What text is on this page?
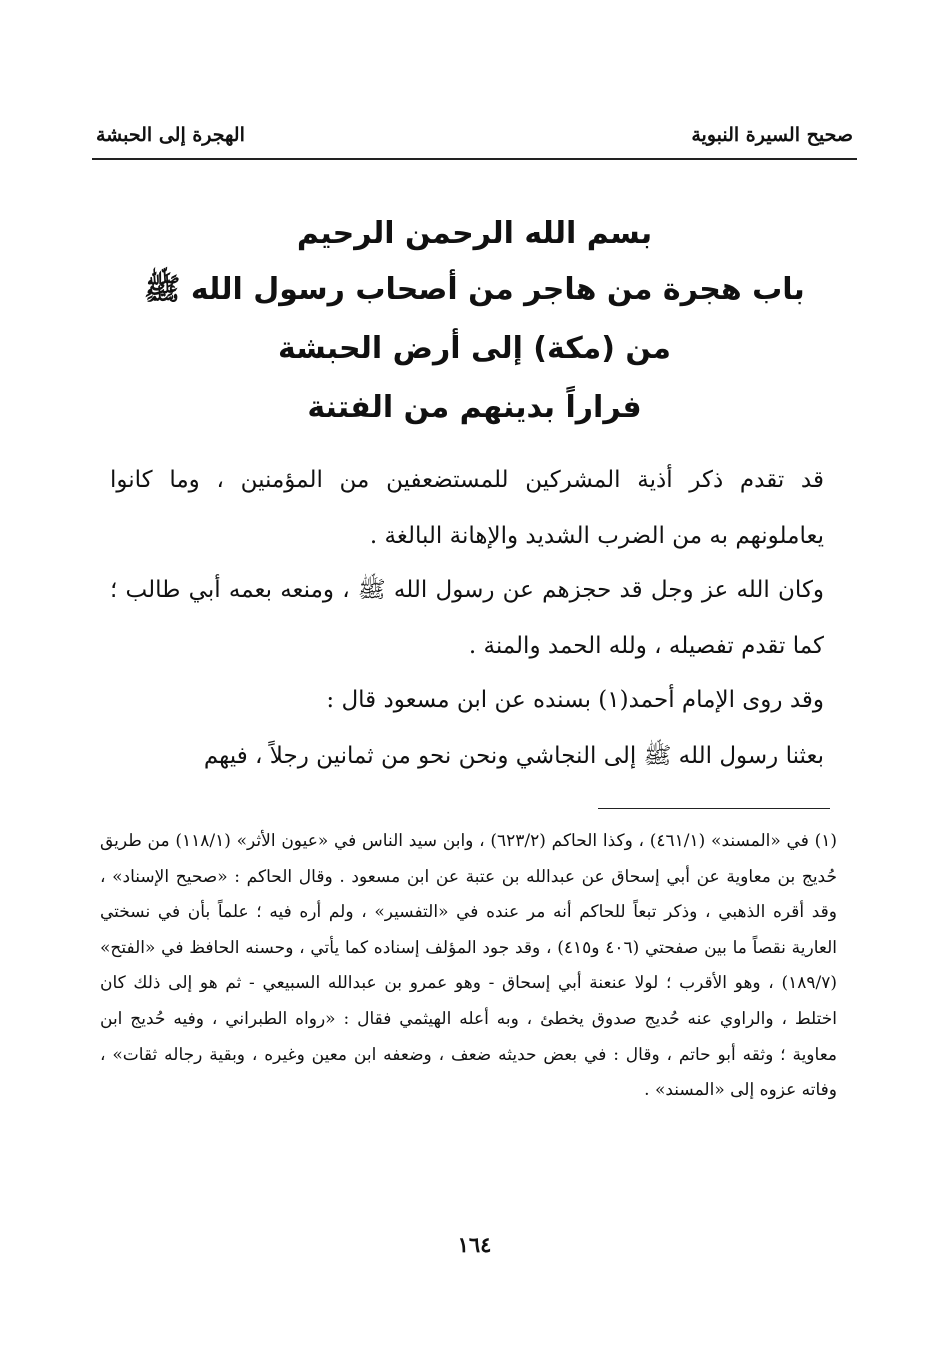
صحيح السيرة النبوية
الهجرة إلى الحبشة
بسم الله الرحمن الرحيم
باب هجرة من هاجر من أصحاب رسول الله ﷺ
من (مكة) إلى أرض الحبشة
فراراً بدينهم من الفتنة
قد تقدم ذكر أذية المشركين للمستضعفين من المؤمنين ، وما كانوا يعاملونهم به من الضرب الشديد والإهانة البالغة .
وكان الله عز وجل قد حجزهم عن رسول الله ﷺ ، ومنعه بعمه أبي طالب ؛ كما تقدم تفصيله ، ولله الحمد والمنة .
وقد روى الإمام أحمد(١) بسنده عن ابن مسعود قال :
بعثنا رسول الله ﷺ إلى النجاشي ونحن نحو من ثمانين رجلاً ، فيهم
(١) في «المسند» (٤٦١/١) ، وكذا الحاكم (٦٢٣/٢) ، وابن سيد الناس في «عيون الأثر» (١١٨/١) من طريق حُديج بن معاوية عن أبي إسحاق عن عبدالله بن عتبة عن ابن مسعود . وقال الحاكم : «صحيح الإسناد» ، وقد أقره الذهبي ، وذكر تبعاً للحاكم أنه مر عنده في «التفسير» ، ولم أره فيه ؛ علماً بأن في نسختي العارية نقصاً ما بين صفحتي (٤٠٦ و٤١٥) ، وقد جود المؤلف إسناده كما يأتي ، وحسنه الحافظ في «الفتح» (١٨٩/٧) ، وهو الأقرب ؛ لولا عنعنة أبي إسحاق - وهو عمرو بن عبدالله السبيعي - ثم هو إلى ذلك كان اختلط ، والراوي عنه حُديج صدوق يخطئ ، وبه أعله الهيثمي فقال : «رواه الطبراني ، وفيه حُديج ابن معاوية ؛ وثقه أبو حاتم ، وقال : في بعض حديثه ضعف ، وضعفه ابن معين وغيره ، وبقية رجاله ثقات» ، وفاته عزوه إلى «المسند» .
١٦٤
